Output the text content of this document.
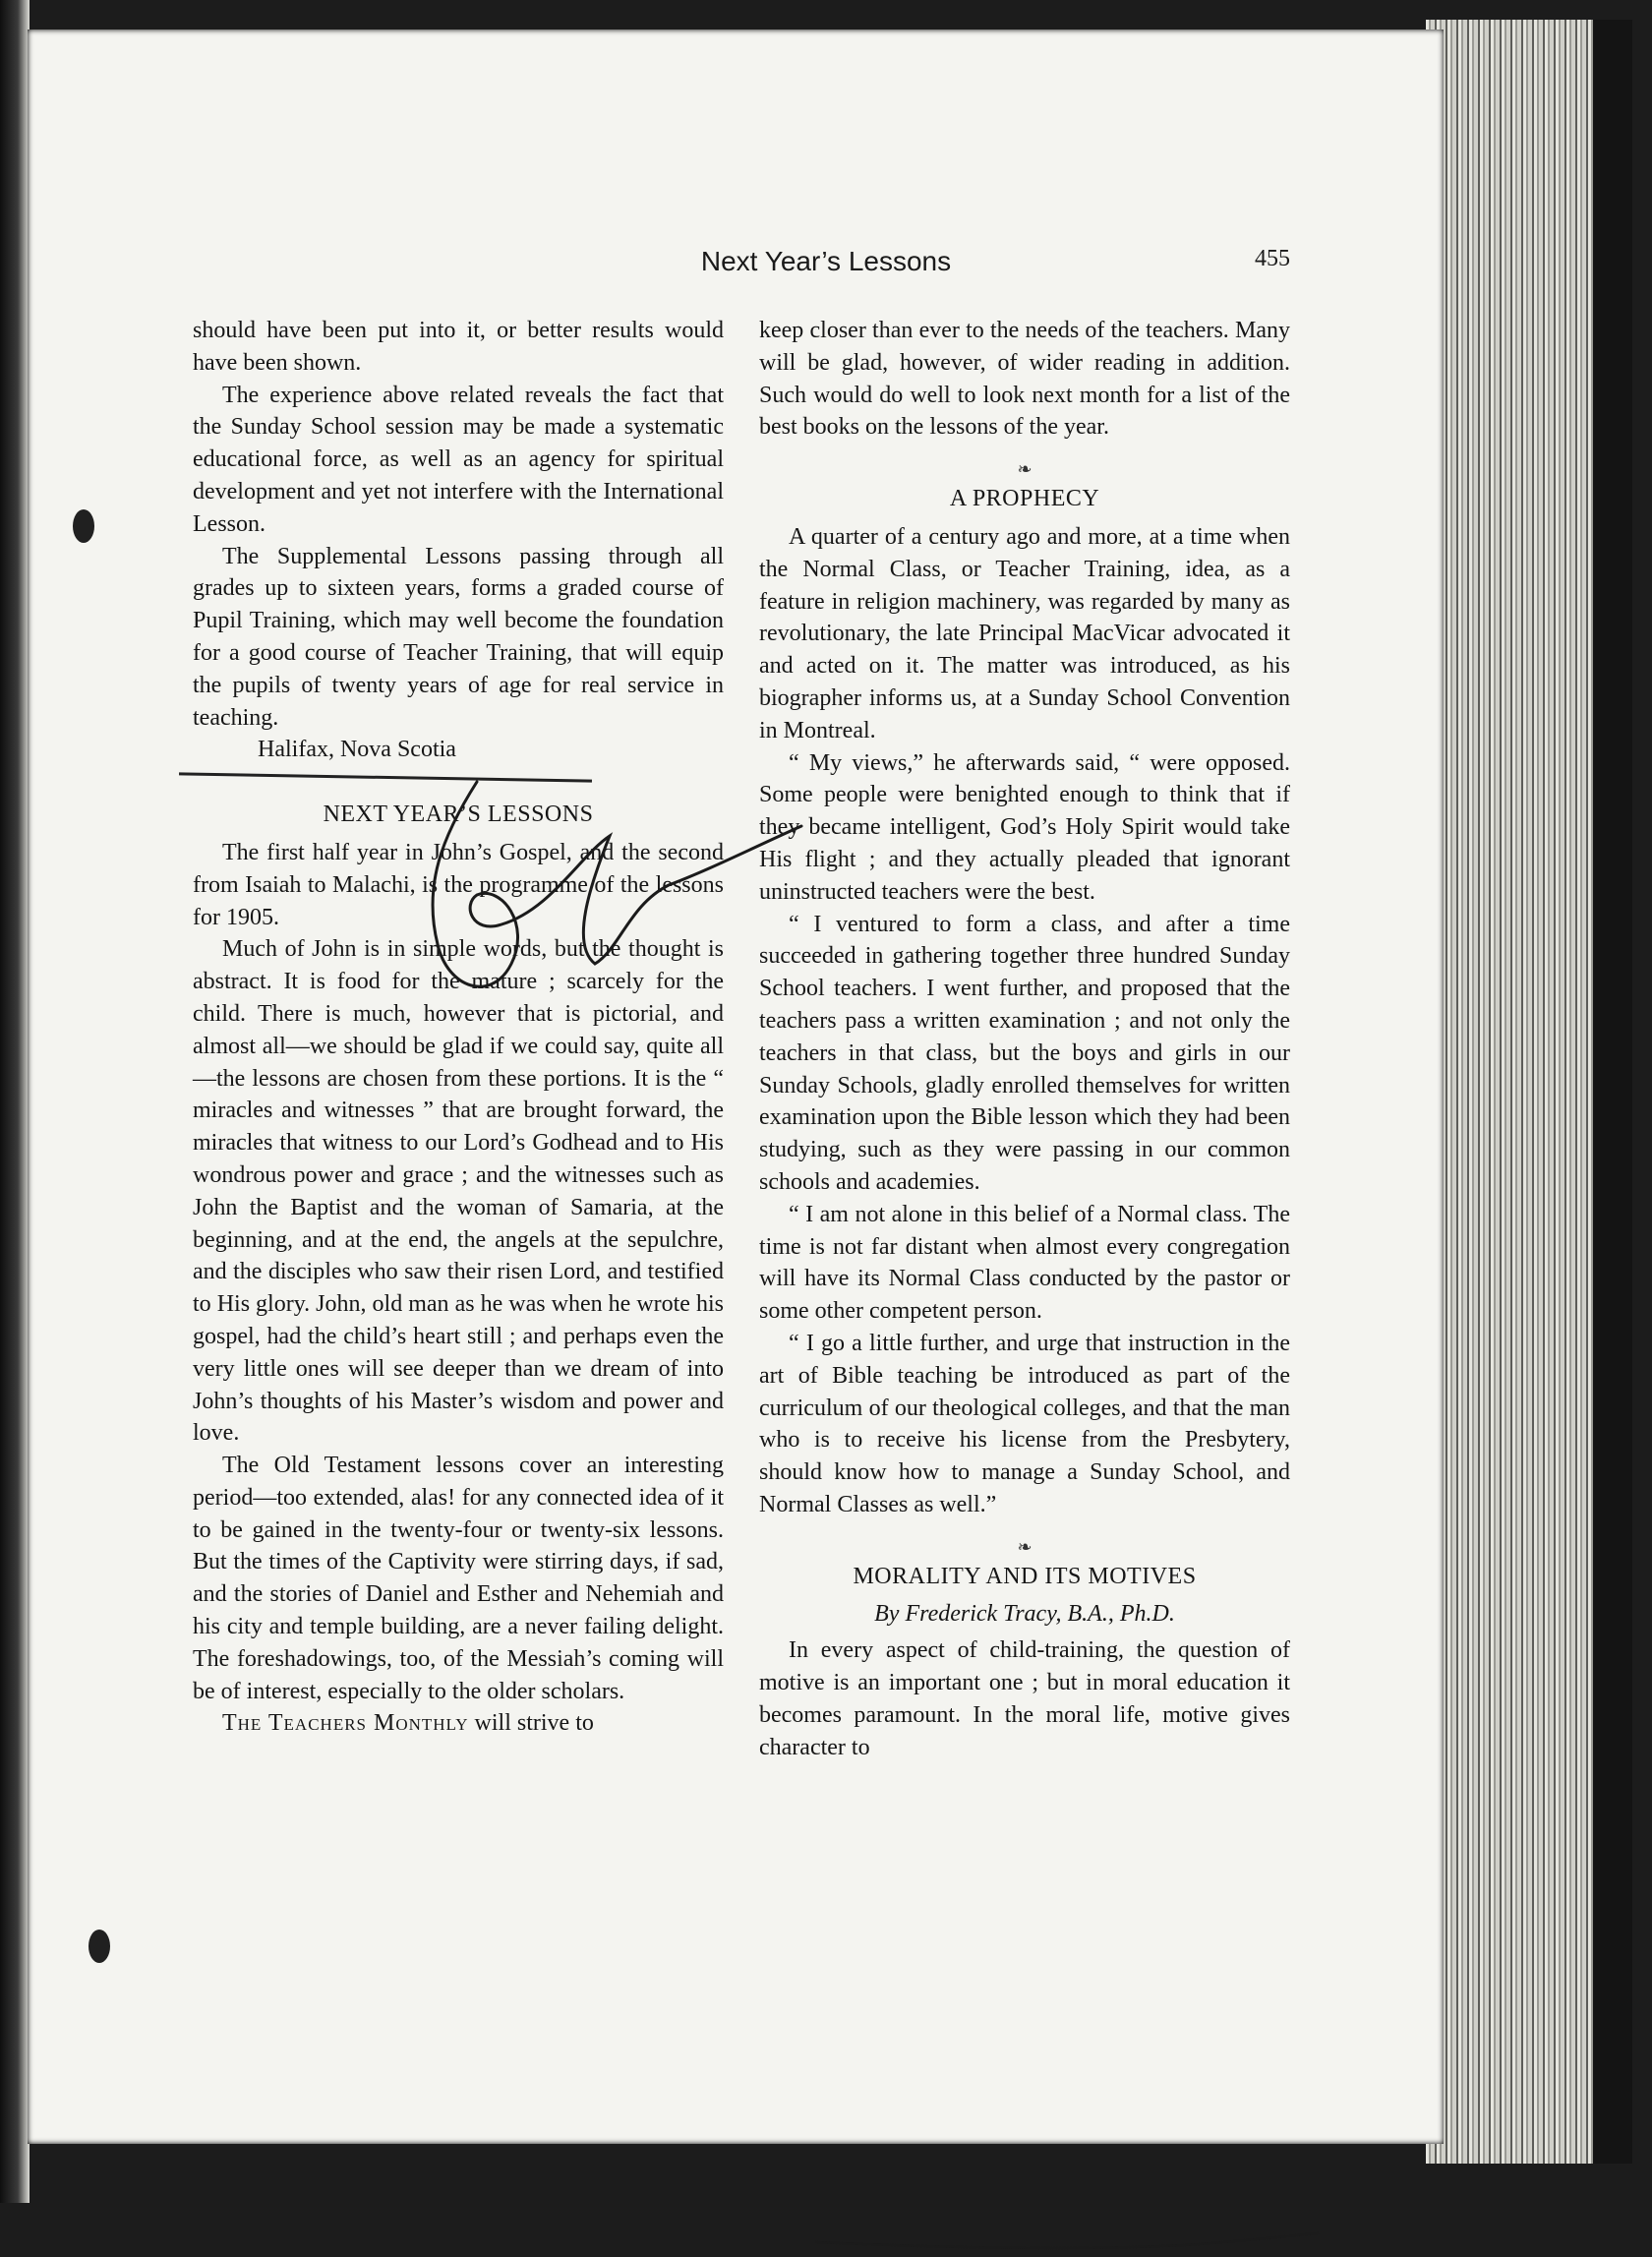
Next Year’s Lessons	455

should have been put into it, or better results would have been shown.

The experience above related reveals the fact that the Sunday School session may be made a systematic educational force, as well as an agency for spiritual development and yet not interfere with the International Lesson.

The Supplemental Lessons passing through all grades up to sixteen years, forms a graded course of Pupil Training, which may well become the foundation for a good course of Teacher Training, that will equip the pupils of twenty years of age for real service in teaching.

Halifax, Nova Scotia

NEXT YEAR’S LESSONS

The first half year in John’s Gospel, and the second from Isaiah to Malachi, is the programme of the lessons for 1905.

Much of John is in simple words, but the thought is abstract. It is food for the mature ; scarcely for the child. There is much, however that is pictorial, and almost all—we should be glad if we could say, quite all—the lessons are chosen from these portions. It is the “ miracles and witnesses ” that are brought forward, the miracles that witness to our Lord’s Godhead and to His wondrous power and grace ; and the witnesses such as John the Baptist and the woman of Samaria, at the beginning, and at the end, the angels at the sepulchre, and the disciples who saw their risen Lord, and testified to His glory. John, old man as he was when he wrote his gospel, had the child’s heart still ; and perhaps even the very little ones will see deeper than we dream of into John’s thoughts of his Master’s wisdom and power and love.

The Old Testament lessons cover an interesting period—too extended, alas! for any connected idea of it to be gained in the twenty-four or twenty-six lessons. But the times of the Captivity were stirring days, if sad, and the stories of Daniel and Esther and Nehemiah and his city and temple building, are a never failing delight. The foreshadowings, too, of the Messiah’s coming will be of interest, especially to the older scholars.

The Teachers Monthly will strive to

keep closer than ever to the needs of the teachers. Many will be glad, however, of wider reading in addition. Such would do well to look next month for a list of the best books on the lessons of the year.

❧
A PROPHECY

A quarter of a century ago and more, at a time when the Normal Class, or Teacher Training, idea, as a feature in religion machinery, was regarded by many as revolutionary, the late Principal MacVicar advocated it and acted on it. The matter was introduced, as his biographer informs us, at a Sunday School Convention in Montreal.

“ My views,” he afterwards said, “ were opposed. Some people were benighted enough to think that if they became intelligent, God’s Holy Spirit would take His flight ; and they actually pleaded that ignorant uninstructed teachers were the best.

“ I ventured to form a class, and after a time succeeded in gathering together three hundred Sunday School teachers. I went further, and proposed that the teachers pass a written examination ; and not only the teachers in that class, but the boys and girls in our Sunday Schools, gladly enrolled themselves for written examination upon the Bible lesson which they had been studying, such as they were passing in our common schools and academies.

“ I am not alone in this belief of a Normal class. The time is not far distant when almost every congregation will have its Normal Class conducted by the pastor or some other competent person.

“ I go a little further, and urge that instruction in the art of Bible teaching be introduced as part of the curriculum of our theological colleges, and that the man who is to receive his license from the Presbytery, should know how to manage a Sunday School, and Normal Classes as well.”

❧
MORALITY AND ITS MOTIVES
By Frederick Tracy, B.A., Ph.D.

In every aspect of child-training, the question of motive is an important one ; but in moral education it becomes paramount. In the moral life, motive gives character to
